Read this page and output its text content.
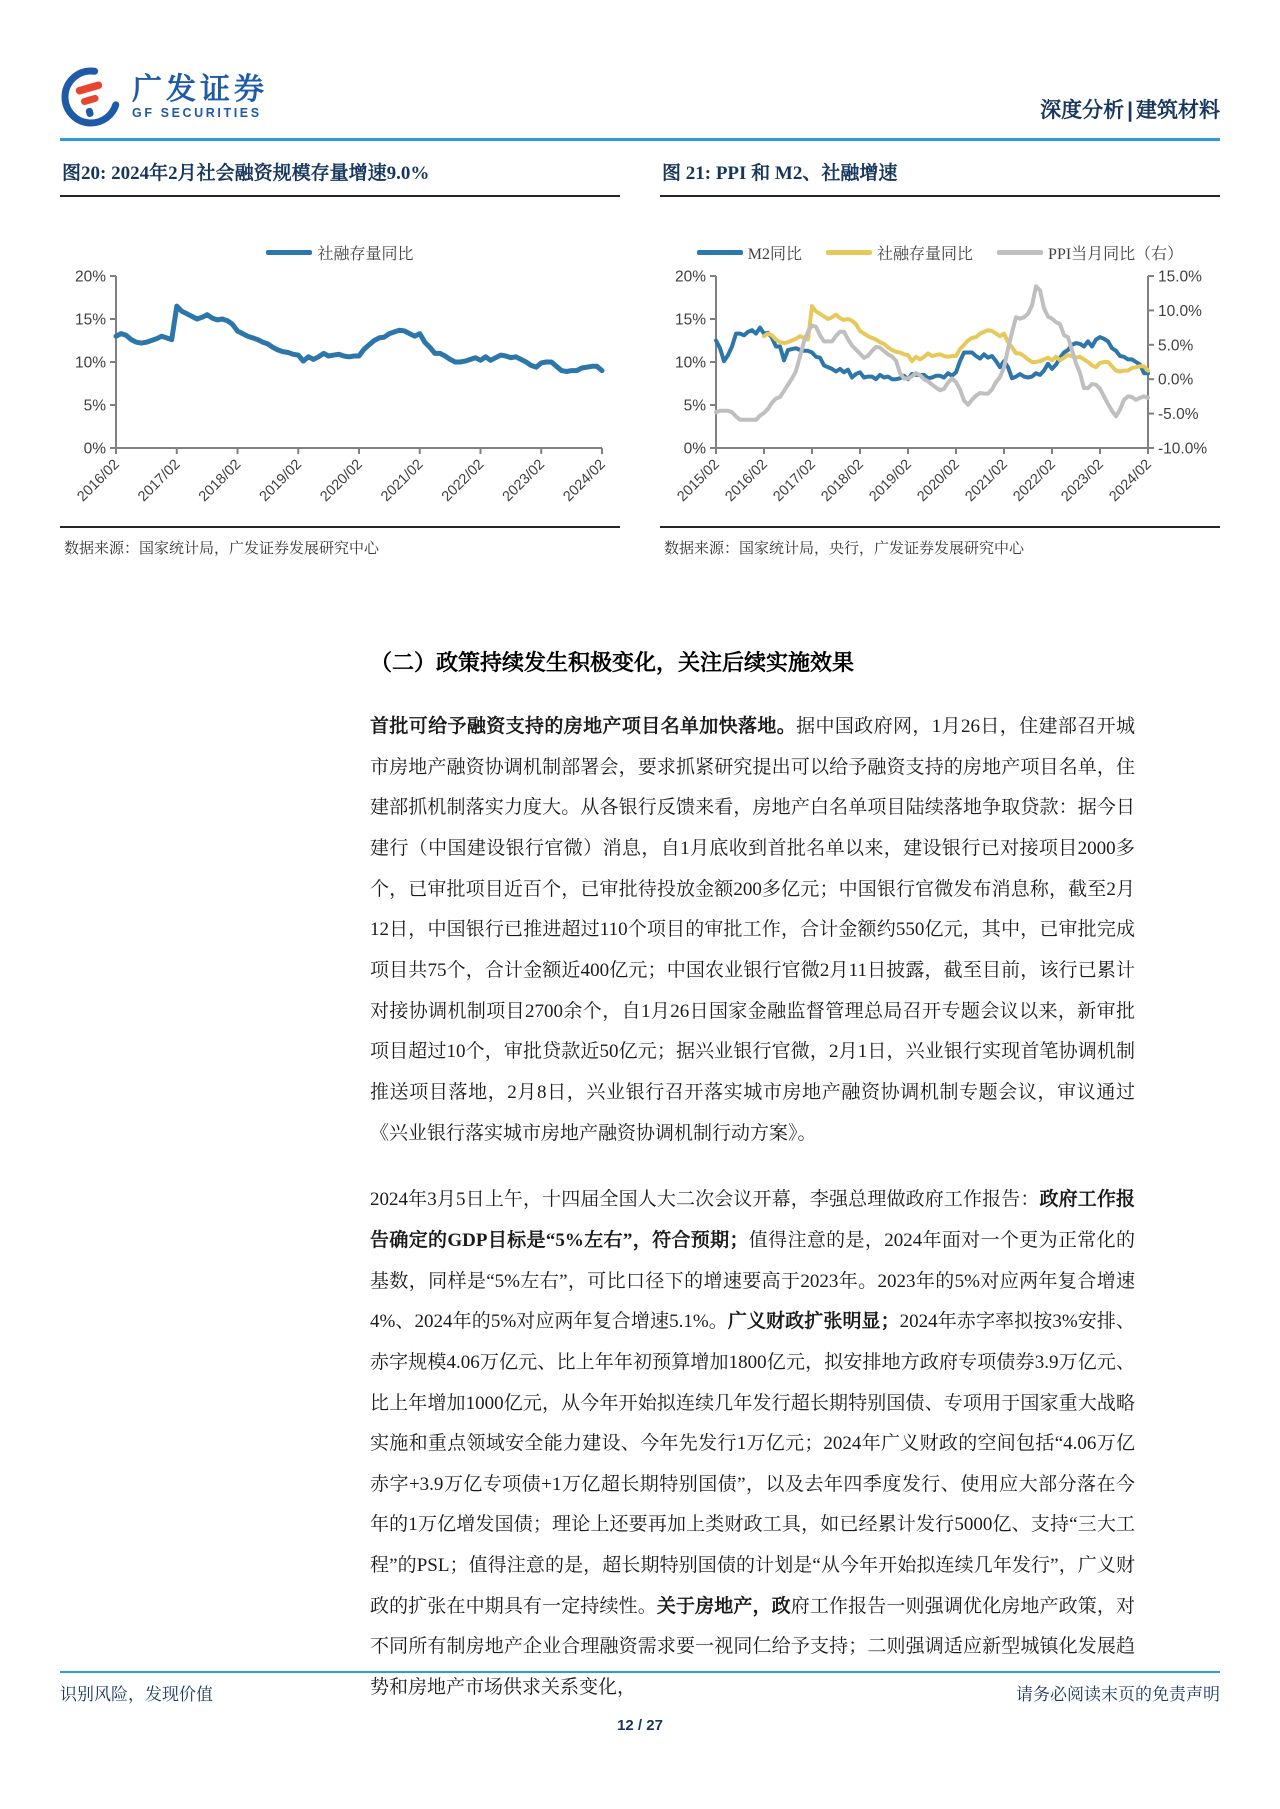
广发证券
GF SECURITIES	深度分析 | 建筑材料
图20: 2024年2月社会融资规模存量增速9.0%
社融存量同比
20%
15%
10%
5%
0%
2016/02 2017/02 2018/02 2019/02 2020/02 2021/02 2022/02 2023/02 2024/02
数据来源：国家统计局，广发证券发展研究中心
图 21: PPI 和 M2、社融增速
M2同比	社融存量同比	PPI当月同比（右）
20%
15%
10%
5%
0%
15.0%
10.0%
5.0%
0.0%
-5.0%
-10.0%
2015/02 2016/02 2017/02 2018/02 2019/02 2020/02 2021/02 2022/02 2023/02 2024/02
数据来源：国家统计局，央行，广发证券发展研究中心
（二）政策持续发生积极变化，关注后续实施效果

首批可给予融资支持的房地产项目名单加快落地。据中国政府网，1月26日，住建部召开城市房地产融资协调机制部署会，要求抓紧研究提出可以给予融资支持的房地产项目名单，住建部抓机制落实力度大。从各银行反馈来看，房地产白名单项目陆续落地争取贷款：据今日建行（中国建设银行官微）消息，自1月底收到首批名单以来，建设银行已对接项目2000多个，已审批项目近百个，已审批待投放金额200多亿元；中国银行官微发布消息称，截至2月12日，中国银行已推进超过110个项目的审批工作，合计金额约550亿元，其中，已审批完成项目共75个，合计金额近400亿元；中国农业银行官微2月11日披露，截至目前，该行已累计对接协调机制项目2700余个，自1月26日国家金融监督管理总局召开专题会议以来，新审批项目超过10个，审批贷款近50亿元；据兴业银行官微，2月1日，兴业银行实现首笔协调机制推送项目落地，2月8日，兴业银行召开落实城市房地产融资协调机制专题会议，审议通过《兴业银行落实城市房地产融资协调机制行动方案》。

2024年3月5日上午，十四届全国人大二次会议开幕，李强总理做政府工作报告：政府工作报告确定的GDP目标是“5%左右”，符合预期；值得注意的是，2024年面对一个更为正常化的基数，同样是“5%左右”，可比口径下的增速要高于2023年。2023年的5%对应两年复合增速4%、2024年的5%对应两年复合增速5.1%。广义财政扩张明显；2024年赤字率拟按3%安排、赤字规模4.06万亿元、比上年年初预算增加1800亿元，拟安排地方政府专项债券3.9万亿元、比上年增加1000亿元，从今年开始拟连续几年发行超长期特别国债、专项用于国家重大战略实施和重点领域安全能力建设、今年先发行1万亿元；2024年广义财政的空间包括“4.06万亿赤字+3.9万亿专项债+1万亿超长期特别国债”，以及去年四季度发行、使用应大部分落在今年的1万亿增发国债；理论上还要再加上类财政工具，如已经累计发行5000亿、支持“三大工程”的PSL；值得注意的是，超长期特别国债的计划是“从今年开始拟连续几年发行”，广义财政的扩张在中期具有一定持续性。关于房地产，政府工作报告一则强调优化房地产政策，对不同所有制房地产企业合理融资需求要一视同仁给予支持；二则强调适应新型城镇化发展趋势和房地产市场供求关系变化，

识别风险，发现价值	请务必阅读末页的免责声明
12 / 27
